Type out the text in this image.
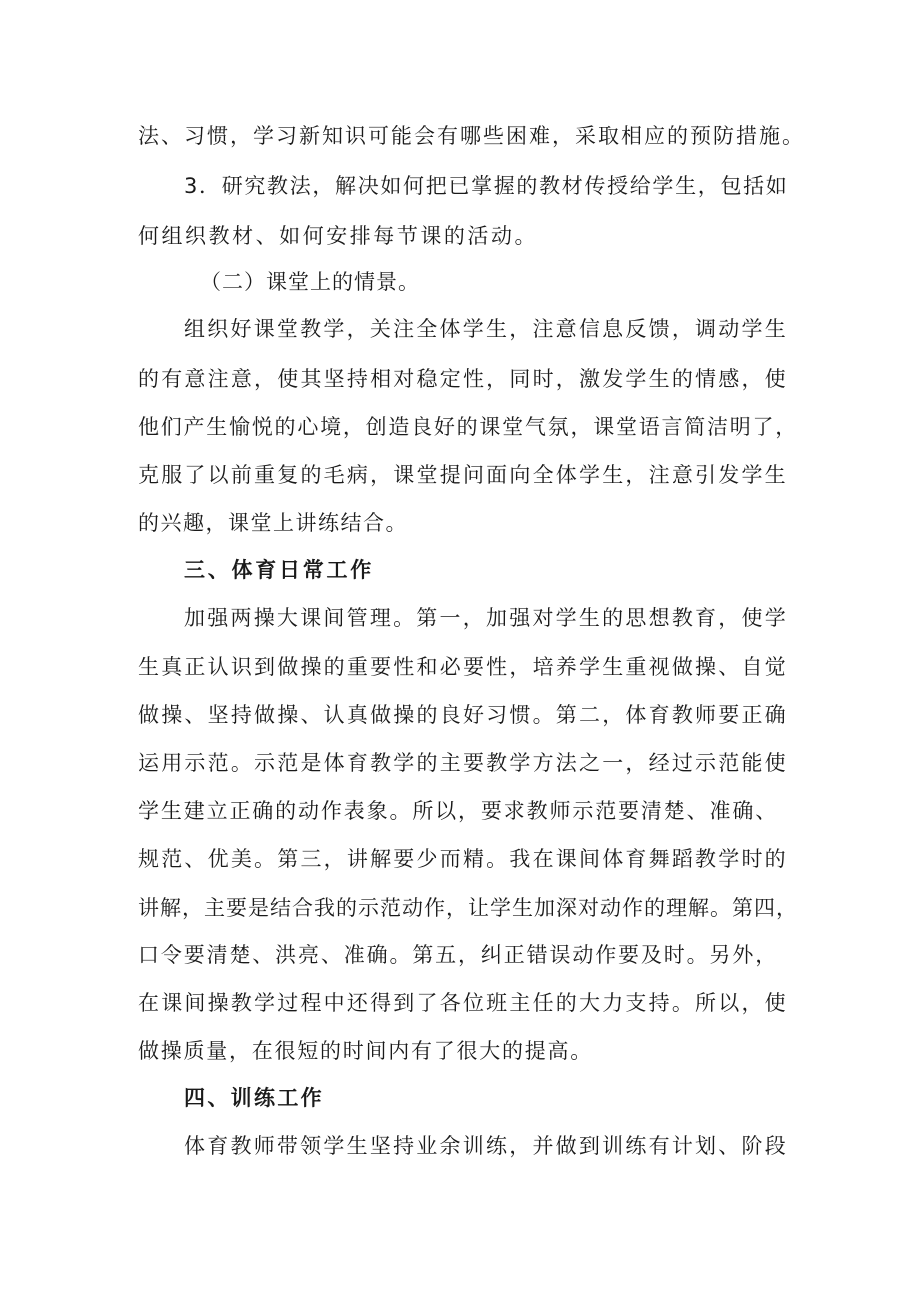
法、习惯，学习新知识可能会有哪些困难，采取相应的预防措施。
3．研究教法，解决如何把已掌握的教材传授给学生，包括如
何组织教材、如何安排每节课的活动。
（二）课堂上的情景。
组织好课堂教学，关注全体学生，注意信息反馈，调动学生
的有意注意，使其坚持相对稳定性，同时，激发学生的情感，使
他们产生愉悦的心境，创造良好的课堂气氛，课堂语言简洁明了，
克服了以前重复的毛病，课堂提问面向全体学生，注意引发学生
的兴趣，课堂上讲练结合。
三、体育日常工作
加强两操大课间管理。第一，加强对学生的思想教育，使学
生真正认识到做操的重要性和必要性，培养学生重视做操、自觉
做操、坚持做操、认真做操的良好习惯。第二，体育教师要正确
运用示范。示范是体育教学的主要教学方法之一，经过示范能使
学生建立正确的动作表象。所以，要求教师示范要清楚、准确、
规范、优美。第三，讲解要少而精。我在课间体育舞蹈教学时的
讲解，主要是结合我的示范动作，让学生加深对动作的理解。第四，
口令要清楚、洪亮、准确。第五，纠正错误动作要及时。另外，
在课间操教学过程中还得到了各位班主任的大力支持。所以，使
做操质量，在很短的时间内有了很大的提高。
四、训练工作
体育教师带领学生坚持业余训练，并做到训练有计划、阶段
